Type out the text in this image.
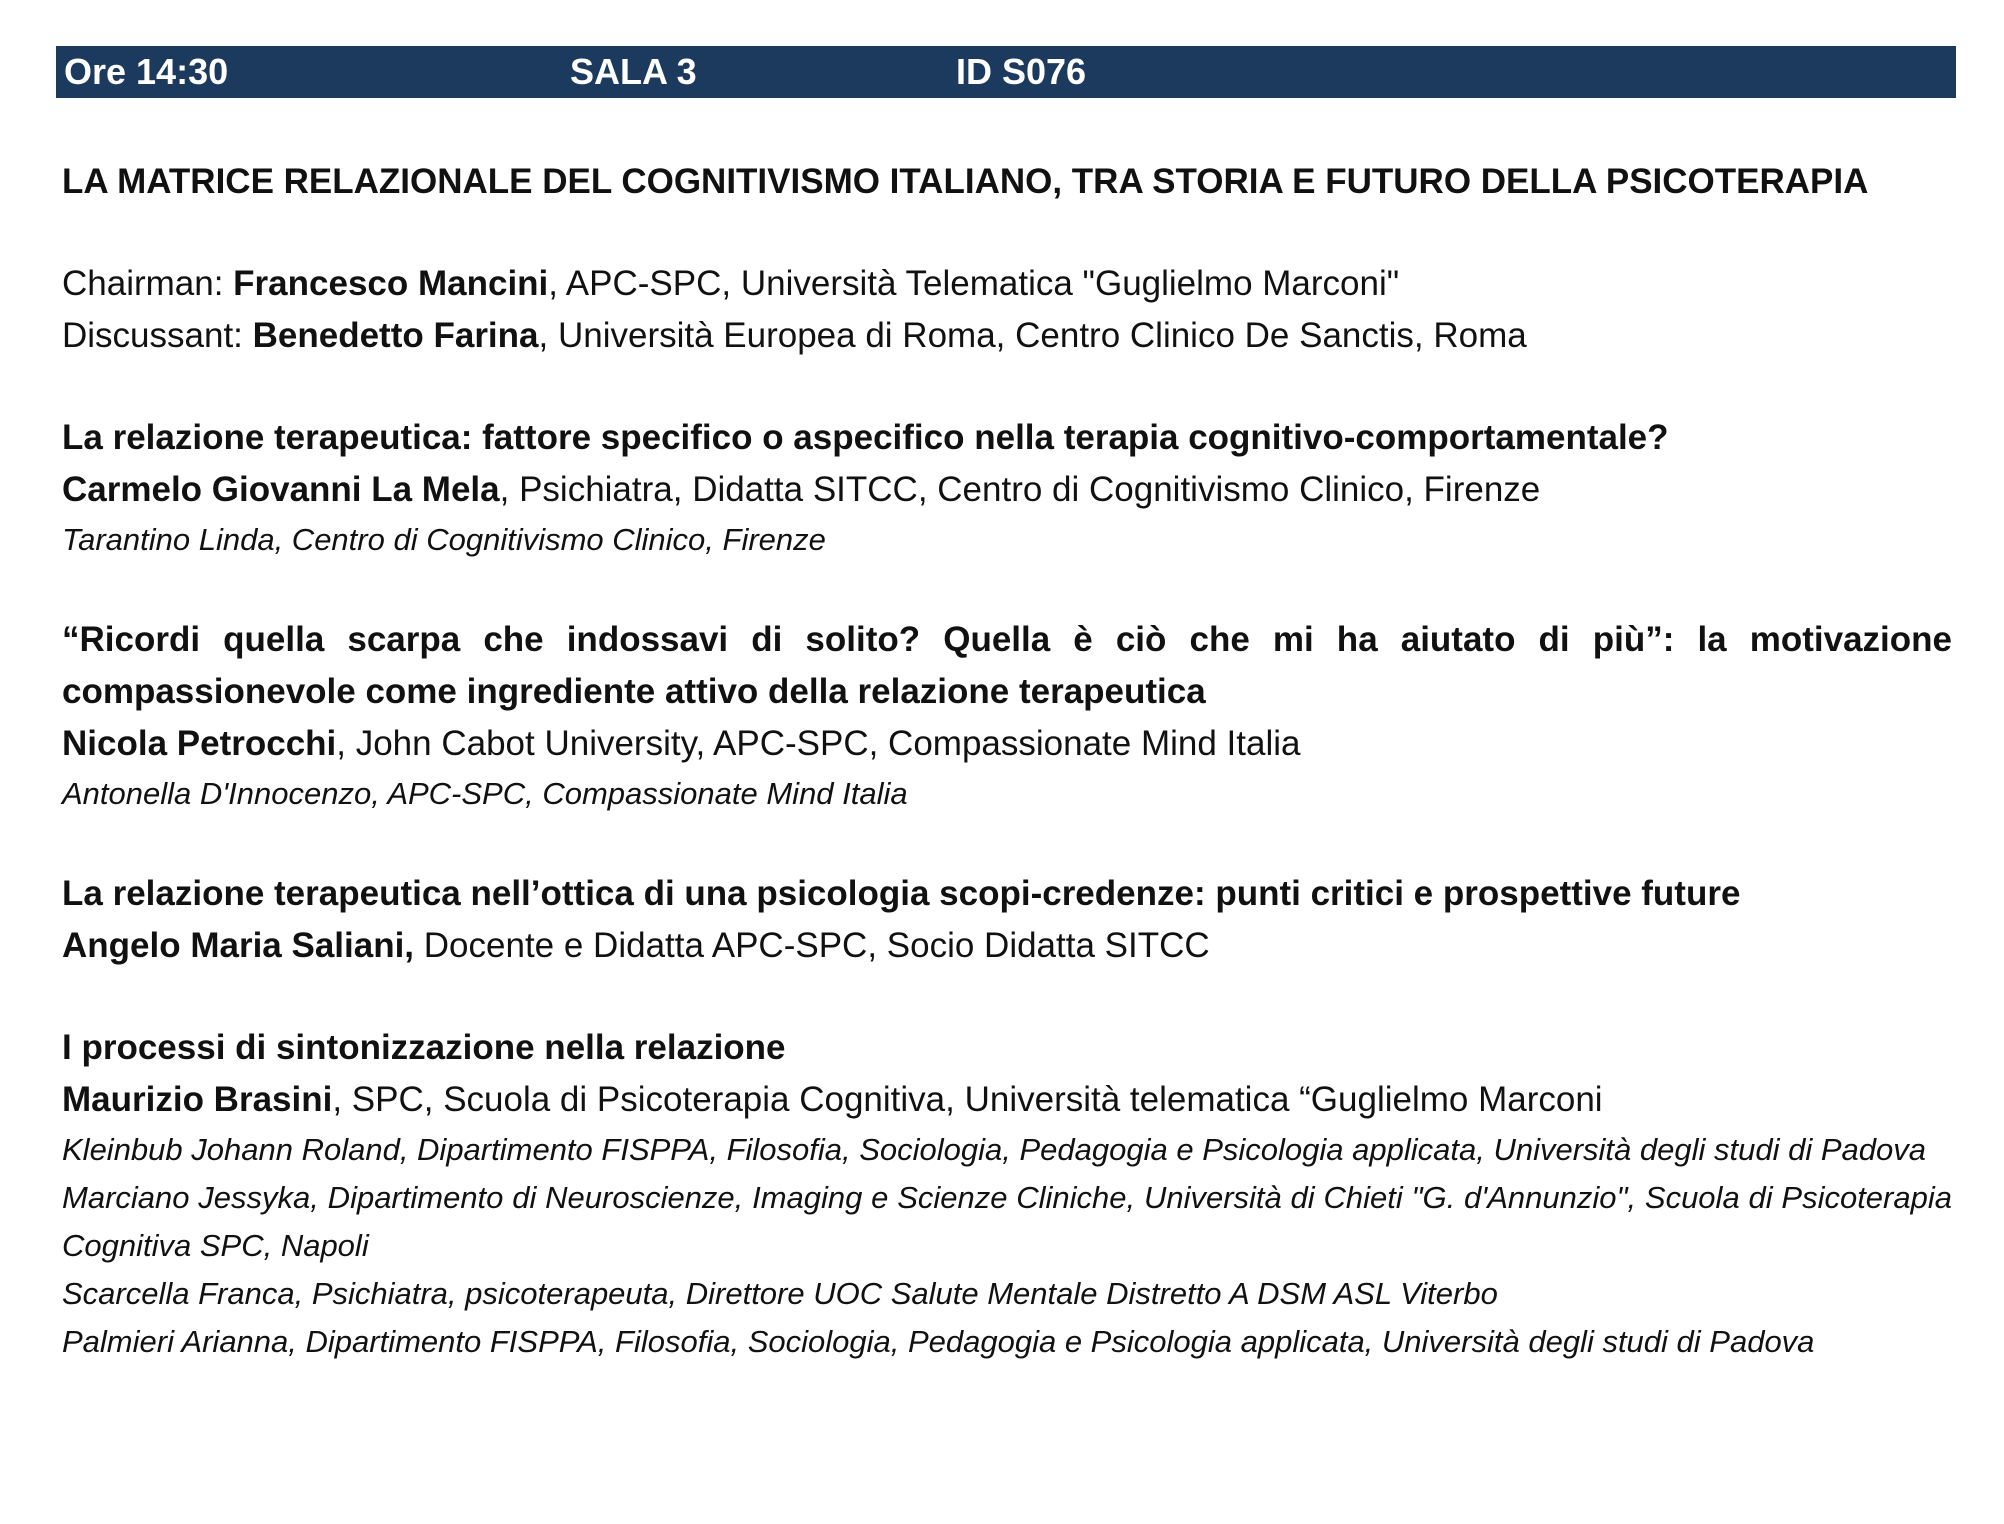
Ore 14:30	SALA 3	ID S076
LA MATRICE RELAZIONALE DEL COGNITIVISMO ITALIANO, TRA STORIA E FUTURO DELLA PSICOTERAPIA
Chairman: Francesco Mancini, APC-SPC, Università Telematica "Guglielmo Marconi"
Discussant: Benedetto Farina, Università Europea di Roma, Centro Clinico De Sanctis, Roma
La relazione terapeutica: fattore specifico o aspecifico nella terapia cognitivo-comportamentale?
Carmelo Giovanni La Mela, Psichiatra, Didatta SITCC, Centro di Cognitivismo Clinico, Firenze
Tarantino Linda, Centro di Cognitivismo Clinico, Firenze
“Ricordi quella scarpa che indossavi di solito? Quella è ciò che mi ha aiutato di più”: la motivazione compassionevole come ingrediente attivo della relazione terapeutica
Nicola Petrocchi, John Cabot University, APC-SPC, Compassionate Mind Italia
Antonella D'Innocenzo, APC-SPC, Compassionate Mind Italia
La relazione terapeutica nell’ottica di una psicologia scopi-credenze: punti critici e prospettive future
Angelo Maria Saliani, Docente e Didatta APC-SPC, Socio Didatta SITCC
I processi di sintonizzazione nella relazione
Maurizio Brasini, SPC, Scuola di Psicoterapia Cognitiva, Università telematica “Guglielmo Marconi
Kleinbub Johann Roland, Dipartimento FISPPA, Filosofia, Sociologia, Pedagogia e Psicologia applicata, Università degli studi di Padova
Marciano Jessyka, Dipartimento di Neuroscienze, Imaging e Scienze Cliniche, Università di Chieti "G. d'Annunzio", Scuola di Psicoterapia Cognitiva SPC, Napoli
Scarcella Franca, Psichiatra, psicoterapeuta, Direttore UOC Salute Mentale Distretto A DSM ASL Viterbo
Palmieri Arianna, Dipartimento FISPPA, Filosofia, Sociologia, Pedagogia e Psicologia applicata, Università degli studi di Padova
